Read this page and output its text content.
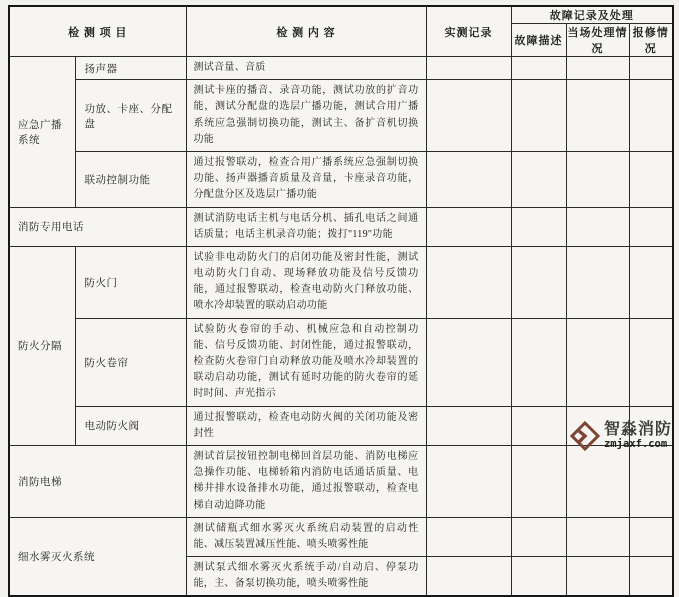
检 测 项 目		检 测 内 容	实测记录	故障记录及处理		
				故障描述	当场处理情况	报修情况
应急广播系统	扬声器	测试音量、音质				
	功放、卡座、分配盘	测试卡座的播音、录音功能，测试功放的扩音功能，测试分配盘的选层广播功能，测试合用广播系统应急强制切换功能，测试主、备扩音机切换功能				
	联动控制功能	通过报警联动，检查合用广播系统应急强制切换功能、扬声器播音质量及音量，卡座录音功能，分配盘分区及选层广播功能				
消防专用电话		测试消防电话主机与电话分机、插孔电话之间通话质量；电话主机录音功能；拨打"119"功能				
防火分隔	防火门	试验非电动防火门的启闭功能及密封性能，测试电动防火门自动、现场释放功能及信号反馈功能，通过报警联动，检查电动防火门释放功能、喷水冷却装置的联动启动功能				
	防火卷帘	试验防火卷帘的手动、机械应急和自动控制功能、信号反馈功能、封闭性能，通过报警联动，检查防火卷帘门自动释放功能及喷水冷却装置的联动启动功能，测试有延时功能的防火卷帘的延时时间、声光指示				
	电动防火阀	通过报警联动，检查电动防火阀的关闭功能及密封性				
消防电梯		测试首层按钮控制电梯回首层功能、消防电梯应急操作功能、电梯轿箱内消防电话通话质量、电梯井排水设备排水功能，通过报警联动，检查电梯自动迫降功能				
细水雾灭火系统		测试储瓶式细水雾灭火系统启动装置的启动性能、减压装置减压性能、喷头喷雾性能				
		测试泵式细水雾灭火系统手动/自动启、停泵功能，主、备泵切换功能，喷头喷雾性能				
智淼消防
zmjaxf.com
